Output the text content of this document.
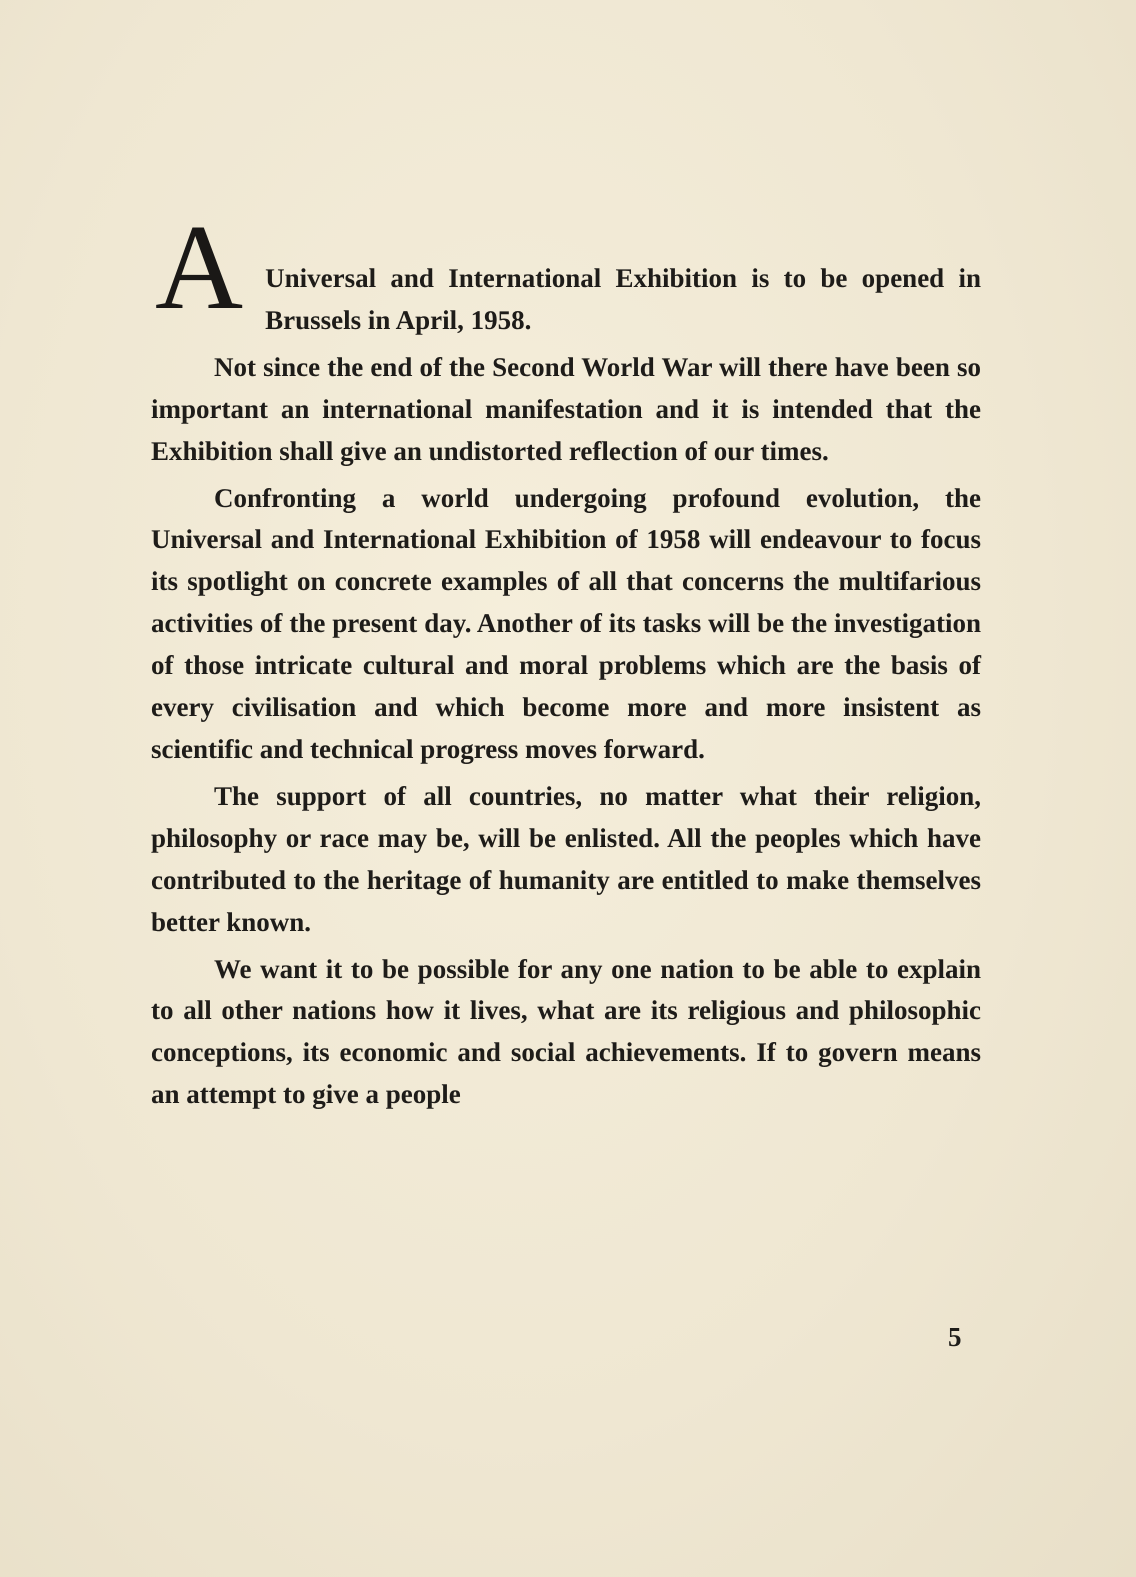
A Universal and International Exhibition is to be opened in Brussels in April, 1958.

Not since the end of the Second World War will there have been so important an international manifestation and it is intended that the Exhibition shall give an undistorted reflection of our times.

Confronting a world undergoing profound evolution, the Universal and International Exhibition of 1958 will endeavour to focus its spotlight on concrete examples of all that concerns the multifarious activities of the present day. Another of its tasks will be the investigation of those intricate cultural and moral problems which are the basis of every civilisation and which become more and more insistent as scientific and technical progress moves forward.

The support of all countries, no matter what their religion, philosophy or race may be, will be enlisted. All the peoples which have contributed to the heritage of humanity are entitled to make themselves better known.

We want it to be possible for any one nation to be able to explain to all other nations how it lives, what are its religious and philosophic conceptions, its economic and social achievements. If to govern means an attempt to give a people

5
